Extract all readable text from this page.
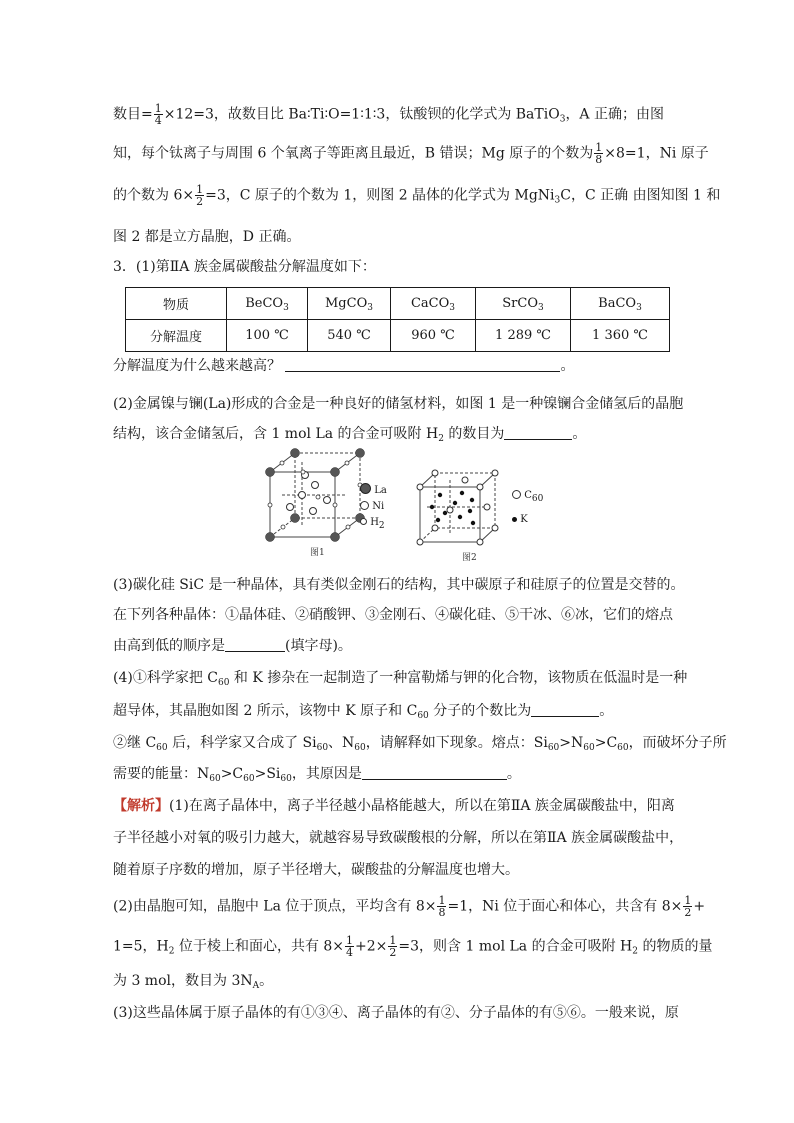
数目= $\frac{1}{4} \times 12=3$，故数目比 Ba∶Ti∶O=1∶1∶3，钛酸钡的化学式为 BaTiO$_3$，A 正确；由图
知，每个钛离子与周围 6 个氧离子等距离且最近，B 错误；Mg 原子的个数为 $\frac{1}{8} \times 8=1$，Ni 原子
的个数为 $6\times \frac{1}{2} =3$，C 原子的个数为 1，则图 2 晶体的化学式为 MgNi$_3$C，C 正确 由图知图 1 和
图 2 都是立方晶胞，D 正确。
3．(1)第ⅡA 族金属碳酸盐分解温度如下：
物质	BeCO$_3$	MgCO$_3$	CaCO$_3$	SrCO$_3$	BaCO$_3$
分解温度	100 ℃	540 ℃	960 ℃	1 289 ℃	1 360 ℃
分解温度为什么越来越高？	。
(2)金属镍与镧(La)形成的合金是一种良好的储氢材料，如图 1 是一种镍镧合金储氢后的晶胞
结构，该合金储氢后，含 1 mol La 的合金可吸附 $H_2$ 的数目为	。
图1
La
Ni
$H_2$
图2
$C_{60}$
K
(3)碳化硅 SiC 是一种晶体，具有类似金刚石的结构，其中碳原子和硅原子的位置是交替的。
在下列各种晶体：①晶体硅、②硝酸钾、③金刚石、④碳化硅、⑤干冰、⑥冰，它们的熔点
由高到低的顺序是	(填字母)。
(4)①科学家把 $C_{60}$ 和 K 掺杂在一起制造了一种富勒烯与钾的化合物，该物质在低温时是一种
超导体，其晶胞如图 2 所示，该物中 K 原子和 $C_{60}$ 分子的个数比为	。
②继 $C_{60}$ 后，科学家又合成了 $Si_{60}$、$N_{60}$，请解释如下现象。熔点：$Si_{60}>N_{60}>C_{60}$，而破坏分子所
需要的能量：$N_{60}>C_{60}>Si_{60}$，其原因是	。
【解析】(1)在离子晶体中，离子半径越小晶格能越大，所以在第ⅡA 族金属碳酸盐中，阳离
子半径越小对氧的吸引力越大，就越容易导致碳酸根的分解，所以在第ⅡA 族金属碳酸盐中，
随着原子序数的增加，原子半径增大，碳酸盐的分解温度也增大。
(2)由晶胞可知，晶胞中 La 位于顶点，平均含有 $8\times \frac{1}{8} =1$，Ni 位于面心和体心，共含有 $8\times \frac{1}{2}$ +
1=5，$H_2$ 位于棱上和面心，共有 $8\times \frac{1}{4} +2\times \frac{1}{2} =3$，则含 1 mol La 的合金可吸附 $H_2$ 的物质的量
为 3 mol，数目为 $3N_A$。
(3)这些晶体属于原子晶体的有①③④、离子晶体的有②、分子晶体的有⑤⑥。一般来说，原
